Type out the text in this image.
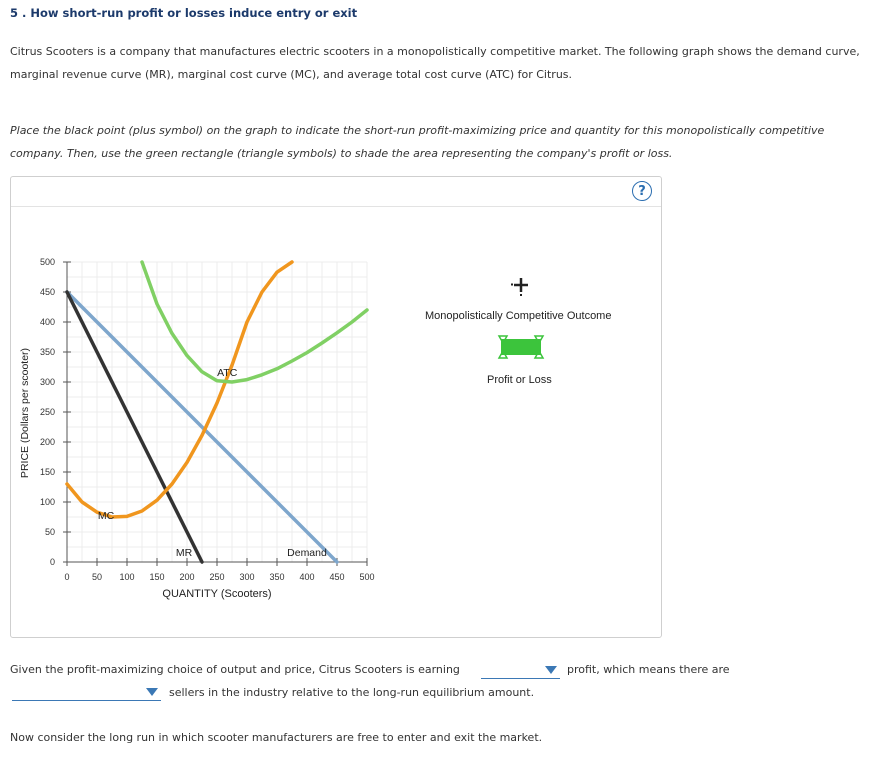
5 . How short-run profit or losses induce entry or exit
Citrus Scooters is a company that manufactures electric scooters in a monopolistically competitive market. The following graph shows the demand curve, marginal revenue curve (MR), marginal cost curve (MC), and average total cost curve (ATC) for Citrus.
Place the black point (plus symbol) on the graph to indicate the short-run profit-maximizing price and quantity for this monopolistically competitive company. Then, use the green rectangle (triangle symbols) to shade the area representing the company's profit or loss.
?
0 50 100 150 200 250 300 350 400 450 500
0
50
100
150
200
250
300
350
400
450
500
MC
ATC
MR	Demand
QUANTITY (Scooters)
PRICE (Dollars per scooter)
Monopolistically Competitive Outcome
Profit or Loss
Given the profit-maximizing choice of output and price, Citrus Scooters is earning	profit, which means there are
sellers in the industry relative to the long-run equilibrium amount.
Now consider the long run in which scooter manufacturers are free to enter and exit the market.
